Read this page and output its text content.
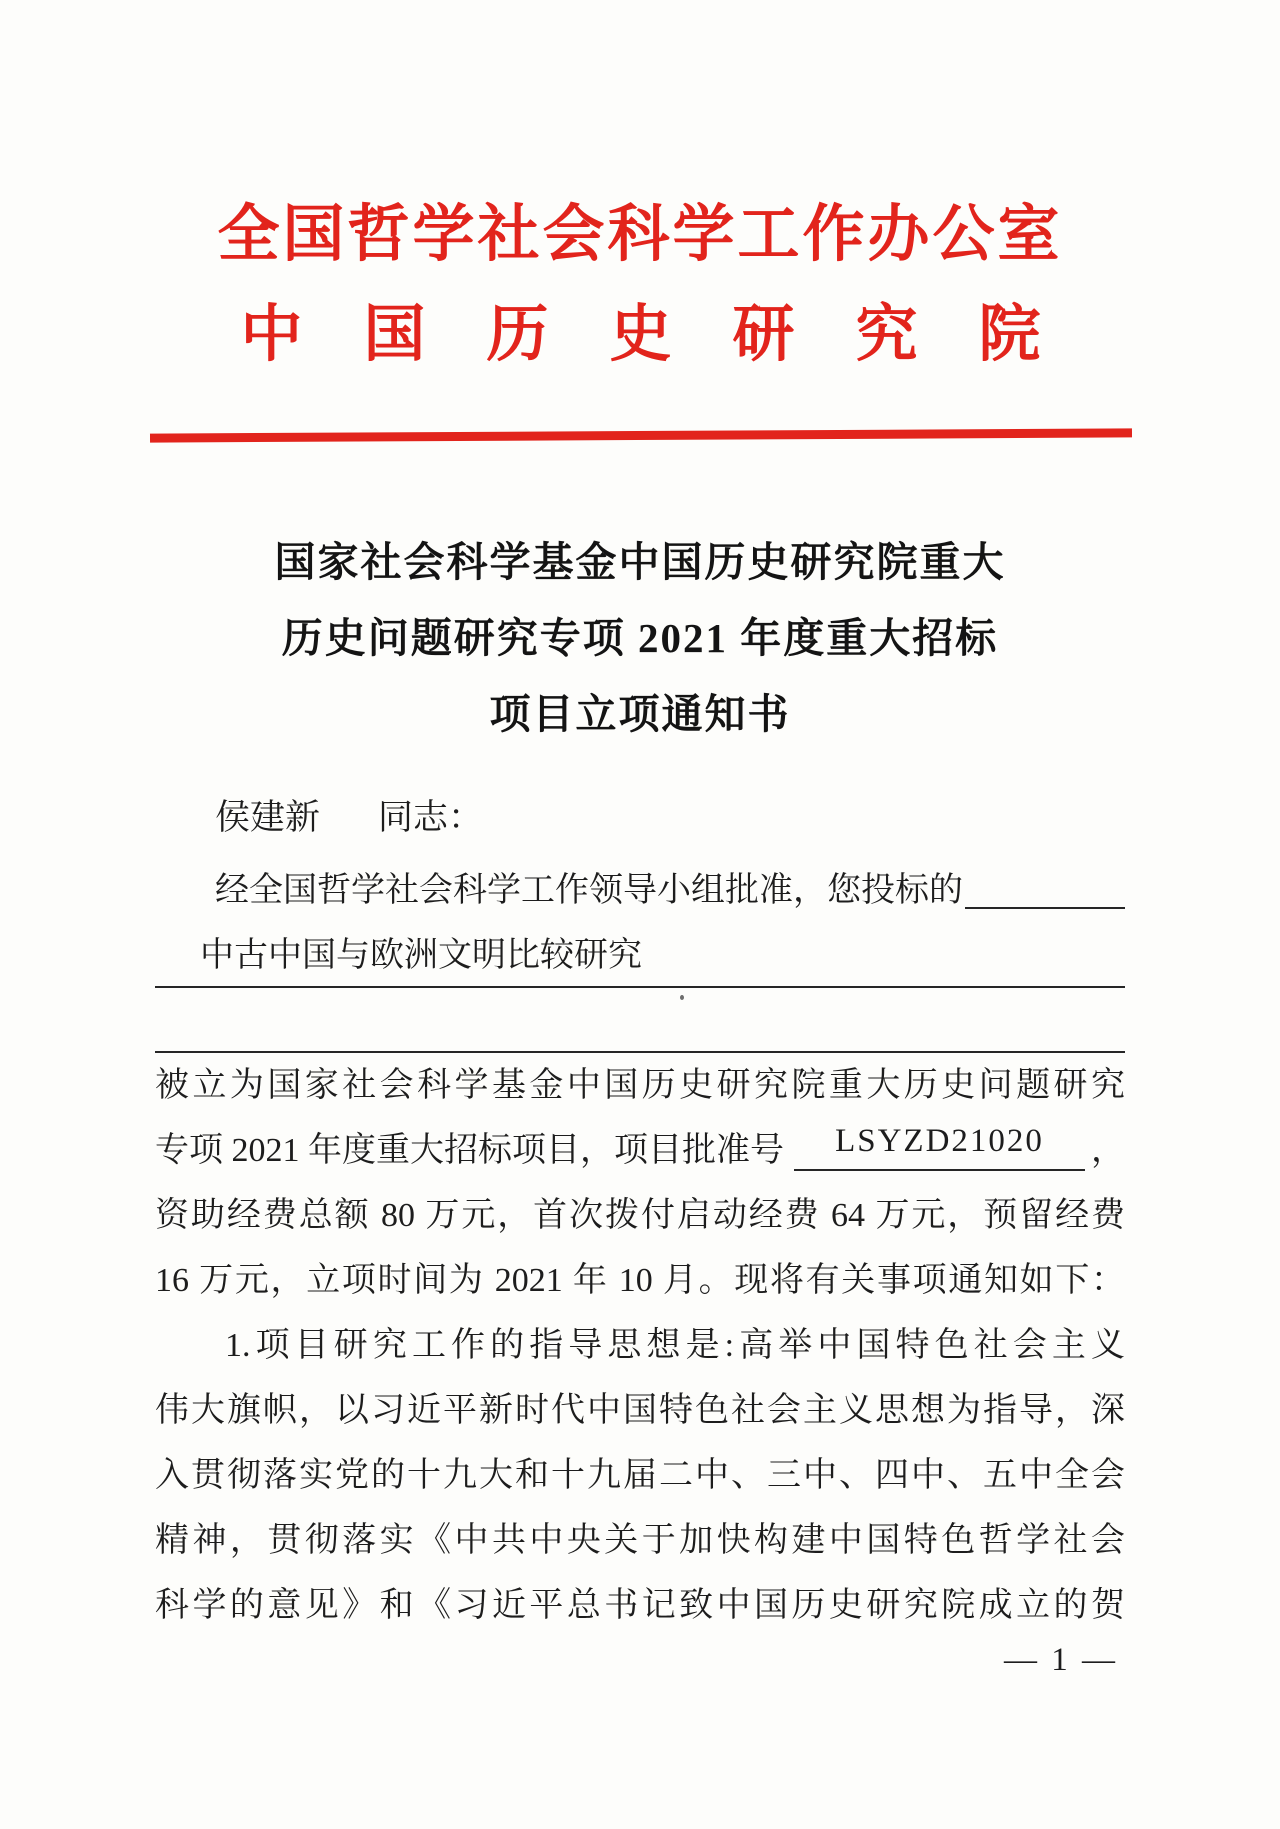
全国哲学社会科学工作办公室
中国历史研究院
国家社会科学基金中国历史研究院重大
历史问题研究专项 2021 年度重大招标
项目立项通知书
侯建新 同志：
经全国哲学社会科学工作领导小组批准，您投标的
中古中国与欧洲文明比较研究
被立为国家社会科学基金中国历史研究院重大历史问题研究
专项 2021 年度重大招标项目，项目批准号	LSYZD21020	，
资助经费总额 80 万元，首次拨付启动经费 64 万元，预留经费
16 万元，立项时间为 2021 年 10 月。现将有关事项通知如下：
1.项目研究工作的指导思想是:高举中国特色社会主义
伟大旗帜，以习近平新时代中国特色社会主义思想为指导，深
入贯彻落实党的十九大和十九届二中、三中、四中、五中全会
精神，贯彻落实《中共中央关于加快构建中国特色哲学社会
科学的意见》和《习近平总书记致中国历史研究院成立的贺
— 1 —
